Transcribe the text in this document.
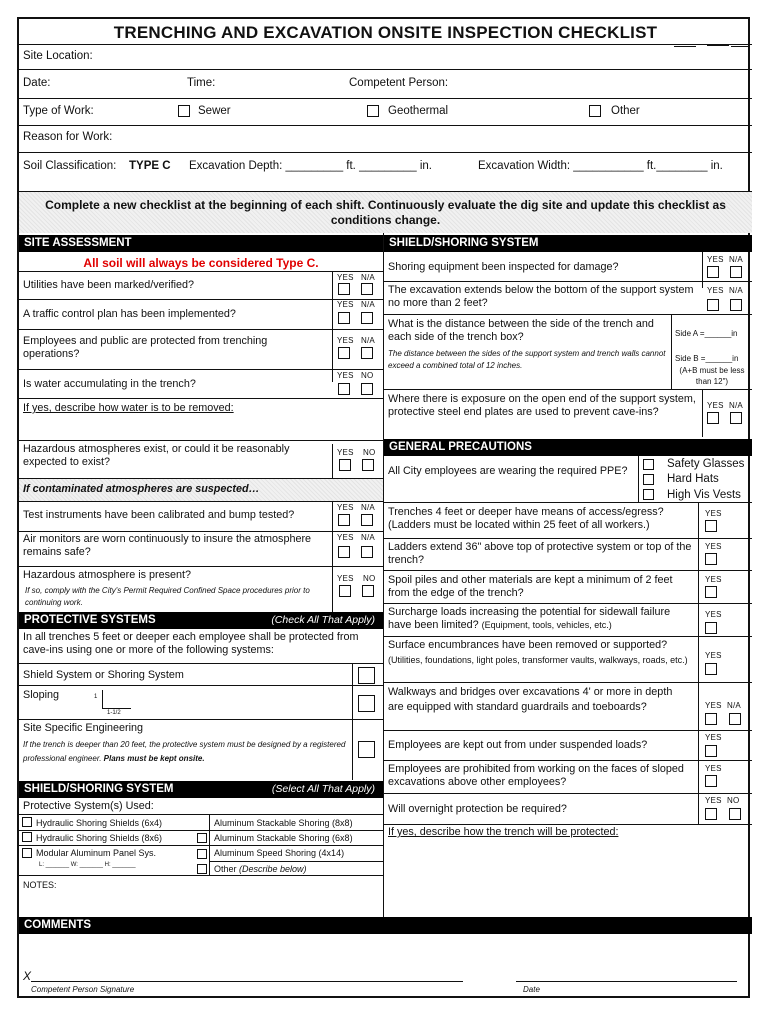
TRENCHING AND EXCAVATION ONSITE INSPECTION CHECKLIST
Site Location:
Date:	Time:	Competent Person:
Type of Work:	Sewer	Geothermal	Other
Reason for Work:
Soil Classification: TYPE C Excavation Depth: _________ ft. _________ in.	Excavation Width: ___________ ft.________ in.
Complete a new checklist at the beginning of each shift. Continuously evaluate the dig site and update this checklist as conditions change.
SITE ASSESSMENT
All soil will always be considered Type C.
Utilities have been marked/verified?
YES N/A
A traffic control plan has been implemented?
YES N/A
Employees and public are protected from trenching operations?
YES N/A
Is water accumulating in the trench?
YES NO
If yes, describe how water is to be removed:
Hazardous atmospheres exist, or could it be reasonably expected to exist?
YES NO
If contaminated atmospheres are suspected…
Test instruments have been calibrated and bump tested?
YES N/A
Air monitors are worn continuously to insure the atmosphere remains safe?
YES N/A
Hazardous atmosphere is present?
If so, comply with the City's Permit Required Confined Space procedures prior to continuing work.
YES NO
PROTECTIVE SYSTEMS	(Check All That Apply)
In all trenches 5 feet or deeper each employee shall be protected from cave-ins using one or more of the following systems:
Shield System or Shoring System
Sloping	1
1-1/2
Site Specific Engineering
If the trench is deeper than 20 feet, the protective system must be designed by a registered professional engineer. Plans must be kept onsite.
SHIELD/SHORING SYSTEM	(Select All That Apply)
Protective System(s) Used:
Hydraulic Shoring Shields (6x4)
Hydraulic Shoring Shields (8x6)
Modular Aluminum Panel Sys.
L: _______ W: _______ H: _______
Aluminum Stackable Shoring (8x8)
Aluminum Stackable Shoring (6x8)
Aluminum Speed Shoring (4x14)
Other (Describe below)
NOTES:
SHIELD/SHORING SYSTEM
Shoring equipment been inspected for damage?
YES N/A
The excavation extends below the bottom of the support system no more than 2 feet?
YES N/A
What is the distance between the side of the trench and each side of the trench box?
The distance between the sides of the support system and trench walls cannot exceed a combined total of 12 inches.
Side A =______in
Side B =______in
(A+B must be less than 12")
Where there is exposure on the open end of the support system, protective steel end plates are used to prevent cave-ins?
YES N/A
GENERAL PRECAUTIONS
All City employees are wearing the required PPE?
Safety Glasses
Hard Hats
High Vis Vests
Trenches 4 feet or deeper have means of access/egress? (Ladders must be located within 25 feet of all workers.)
YES
Ladders extend 36" above top of protective system or top of the trench?
YES
Spoil piles and other materials are kept a minimum of 2 feet from the edge of the trench?
YES
Surcharge loads increasing the potential for sidewall failure have been limited? (Equipment, tools, vehicles, etc.)
YES
Surface encumbrances have been removed or supported?
(Utilities, foundations, light poles, transformer vaults, walkways, roads, etc.)	YES
Walkways and bridges over excavations 4' or more in depth are equipped with standard guardrails and toeboards?	YES N/A
Employees are kept out from under suspended loads?
YES
Employees are prohibited from working on the faces of sloped excavations above other employees?
YES
Will overnight protection be required?
YES NO
If yes, describe how the trench will be protected:
COMMENTS
X
Competent Person Signature	Date
